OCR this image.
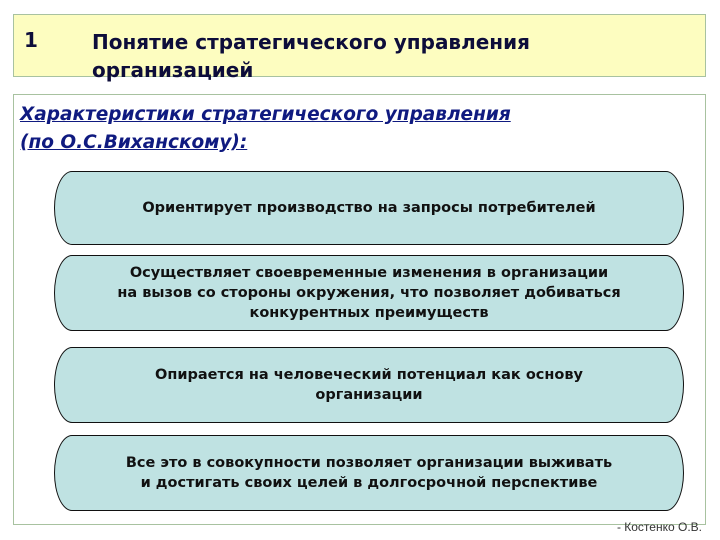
1	Понятие стратегического управления
организацией
Характеристики стратегического управления
(по О.С.Виханскому):
Ориентирует производство на запросы потребителей
Осуществляет своевременные изменения в организации
на вызов со стороны окружения, что позволяет добиваться
конкурентных преимуществ
Опирается на человеческий потенциал как основу
организации
Все это в совокупности позволяет организации выживать
и достигать своих целей в долгосрочной перспективе
- Костенко О.В.
